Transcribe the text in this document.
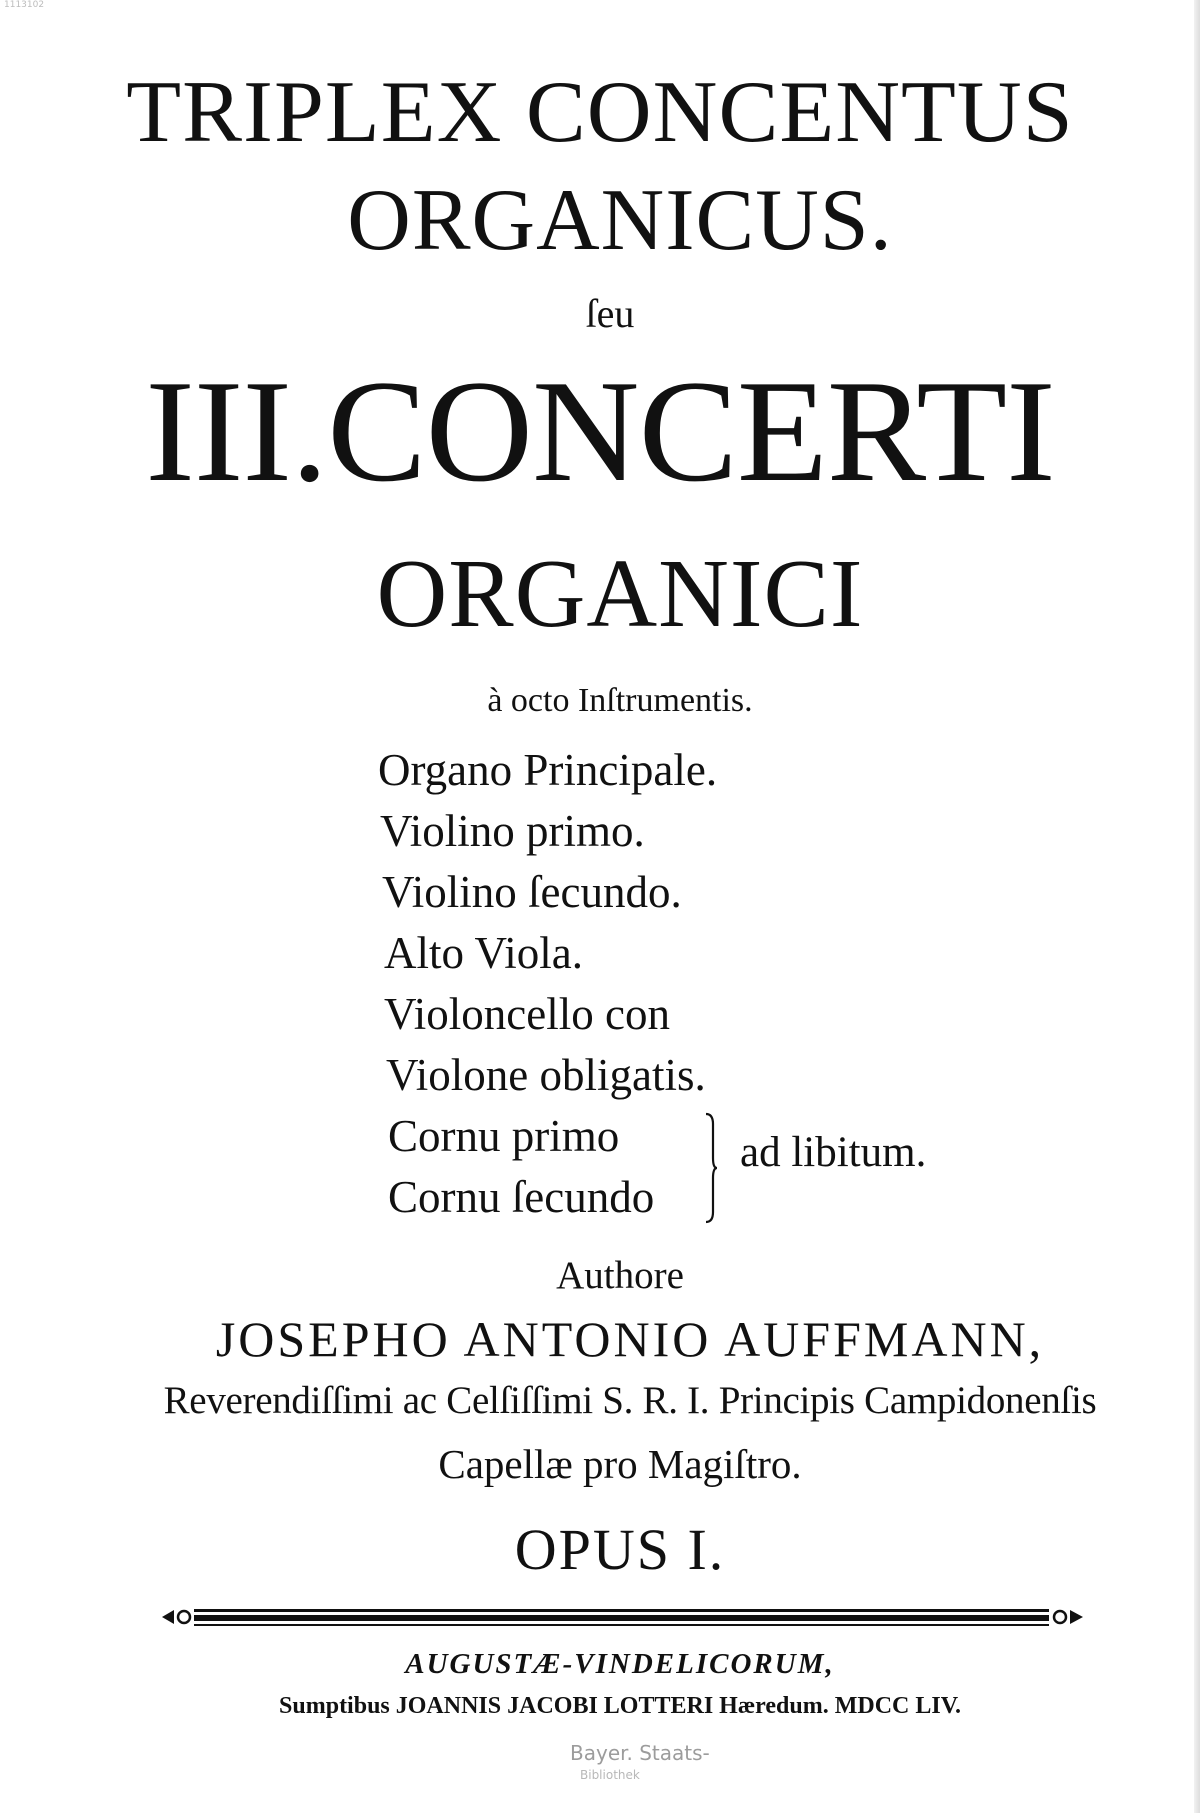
1113102
TRIPLEX CONCENTUS
ORGANICUS.
ſeu
III.CONCERTI
ORGANICI
à octo Inſtrumentis.
Organo Principale.
Violino primo.
Violino ſecundo.
Alto Viola.
Violoncello con
Violone obligatis.
Cornu primo
Cornu ſecundo
ad libitum.
Authore
JOSEPHO ANTONIO AUFFMANN,
Reverendiſſimi ac Celſiſſimi S. R. I. Principis Campidonenſis
Capellæ pro Magiſtro.
OPUS I.
AUGUSTÆ-VINDELICORUM,
Sumptibus JOANNIS JACOBI LOTTERI Hæredum. MDCC LIV.
Bayer. Staats-
Bibliothek
